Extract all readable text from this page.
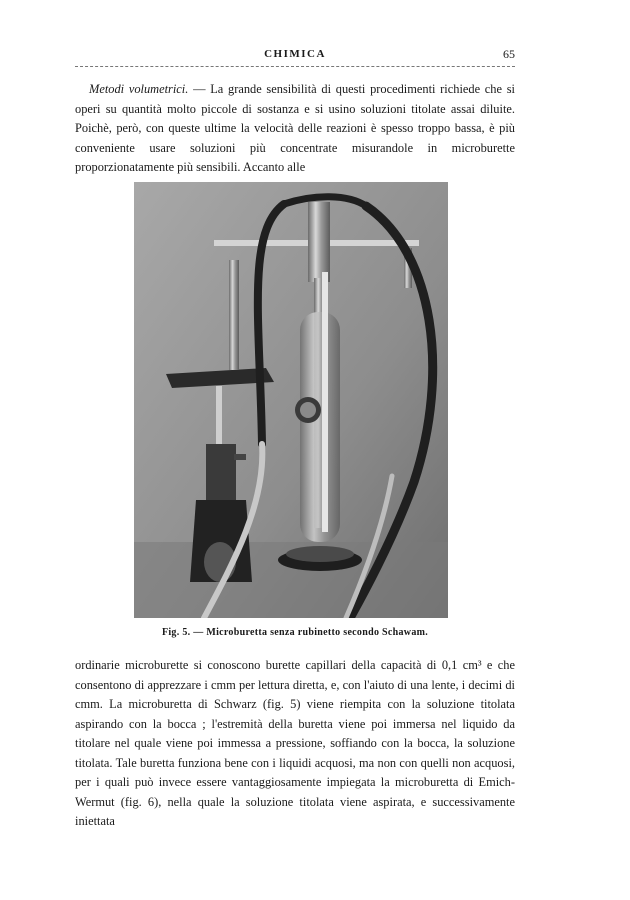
CHIMICA	65

Metodi volumetrici. — La grande sensibilità di questi procedimenti richiede che si operi su quantità molto piccole di sostanza e si usino soluzioni titolate assai diluite. Poichè, però, con queste ultime la velocità delle reazioni è spesso troppo bassa, è più conveniente usare soluzioni più concentrate misurandole in microburette proporzionatamente più sensibili. Accanto alle

Fig. 5. — Microburetta senza rubinetto secondo Schawam.

ordinarie microburette si conoscono burette capillari della capacità di 0,1 cm³ e che consentono di apprezzare i cmm per lettura diretta, e, con l'aiuto di una lente, i decimi di cmm. La microburetta di Schwarz (fig. 5) viene riempita con la soluzione titolata aspirando con la bocca ; l'estremità della buretta viene poi immersa nel liquido da titolare nel quale viene poi immessa a pressione, soffiando con la bocca, la soluzione titolata. Tale buretta funziona bene con i liquidi acquosi, ma non con quelli non acquosi, per i quali può invece essere vantaggiosamente impiegata la microburetta di Emich-Wermut (fig. 6), nella quale la soluzione titolata viene aspirata, e successivamente iniettata
